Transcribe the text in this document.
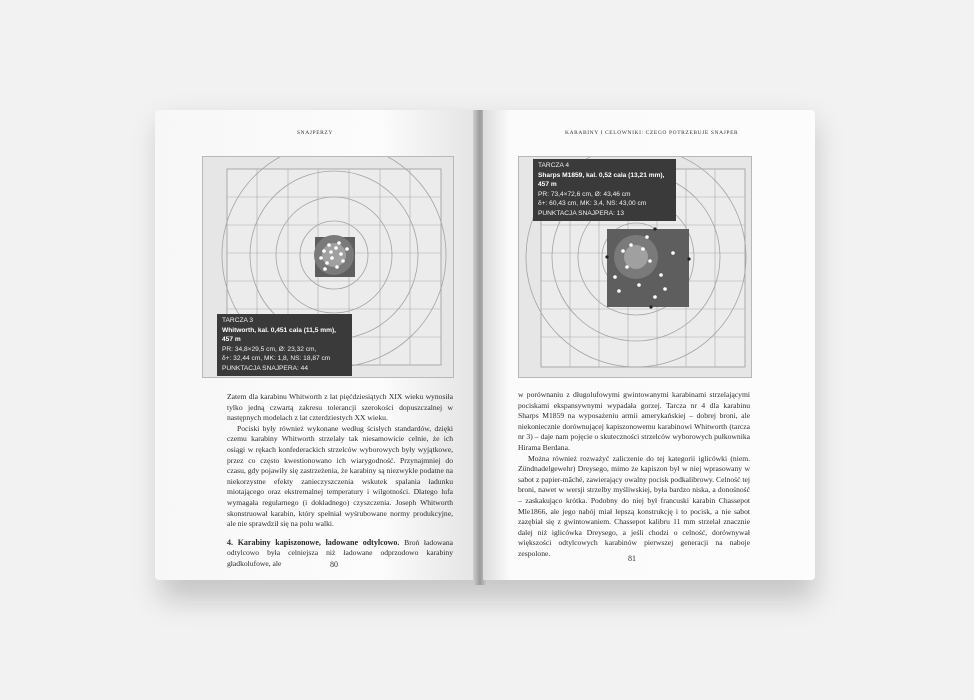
SNAJPERZY
TARCZA 3
Whitworth, kal. 0,451 cala (11,5 mm), 457 m
PR: 34,8×29,5 cm, Ø: 23,32 cm,
δ+: 32,44 cm, MK: 1,8, NS: 18,87 cm
PUNKTACJA SNAJPERA: 44

Zatem dla karabinu Whitworth z lat pięćdziesiątych XIX wieku wynosiła tylko jedną czwartą zakresu tolerancji szerokości dopuszczalnej w następnych modelach z lat czterdziestych XX wieku.

Pociski były również wykonane według ścisłych standardów, dzięki czemu karabiny Whitworth strzelały tak niesamowicie celnie, że ich osiągi w rękach konfederackich strzelców wyborowych były wyjątkowe, przez co często kwestionowano ich wiarygodność. Przynajmniej do czasu, gdy pojawiły się zastrzeżenia, że karabiny są niezwykle podatne na niekorzystne efekty zanieczyszczenia wskutek spalania ładunku miotającego oraz ekstremalnej temperatury i wilgotności. Dlatego lufa wymagała regularnego (i dokładnego) czyszczenia. Joseph Whitworth skonstruował karabin, który spełniał wyśrubowane normy produkcyjne, ale nie sprawdził się na polu walki.

4. Karabiny kapiszonowe, ładowane odtylcowo. Broń ładowana odtylcowo była celniejsza niż ładowane odprzodowo karabiny gładkolufowe, ale	80
KARABINY I CELOWNIKI: CZEGO POTRZEBUJE SNAJPER
TARCZA 4
Sharps M1859, kal. 0,52 cala (13,21 mm), 457 m
PR: 73,4×72,6 cm, Ø: 43,46 cm
δ+: 60,43 cm, MK: 3,4, NS: 43,00 cm
PUNKTACJA SNAJPERA: 13

w porównaniu z długolufowymi gwintowanymi karabinami strzelającymi pociskami ekspansywnymi wypadała gorzej. Tarcza nr 4 dla karabinu Sharps M1859 na wyposażeniu armii amerykańskiej – dobrej broni, ale niekoniecznie dorównującej kapiszonowemu karabinowi Whitworth (tarcza nr 3) – daje nam pojęcie o skuteczności strzelców wyborowych pułkownika Hirama Berdana.

Można również rozważyć zaliczenie do tej kategorii iglicówki (niem. Zündnadelgewehr) Dreysego, mimo że kapiszon był w niej wprasowany w sabot z papier-mâché, zawierający owalny pocisk podkalibrowy. Celność tej broni, nawet w wersji strzelby myśliwskiej, była bardzo niska, a donośność – zaskakująco krótka. Podobny do niej był francuski karabin Chassepot Mle1866, ale jego nabój miał lepszą konstrukcję i to pocisk, a nie sabot zazębiał się z gwintowaniem. Chassepot kalibru 11 mm strzelał znacznie dalej niż iglicówka Dreysego, a jeśli chodzi o celność, dorównywał większości odtylcowych karabinów pierwszej generacji na naboje zespolone.

81
